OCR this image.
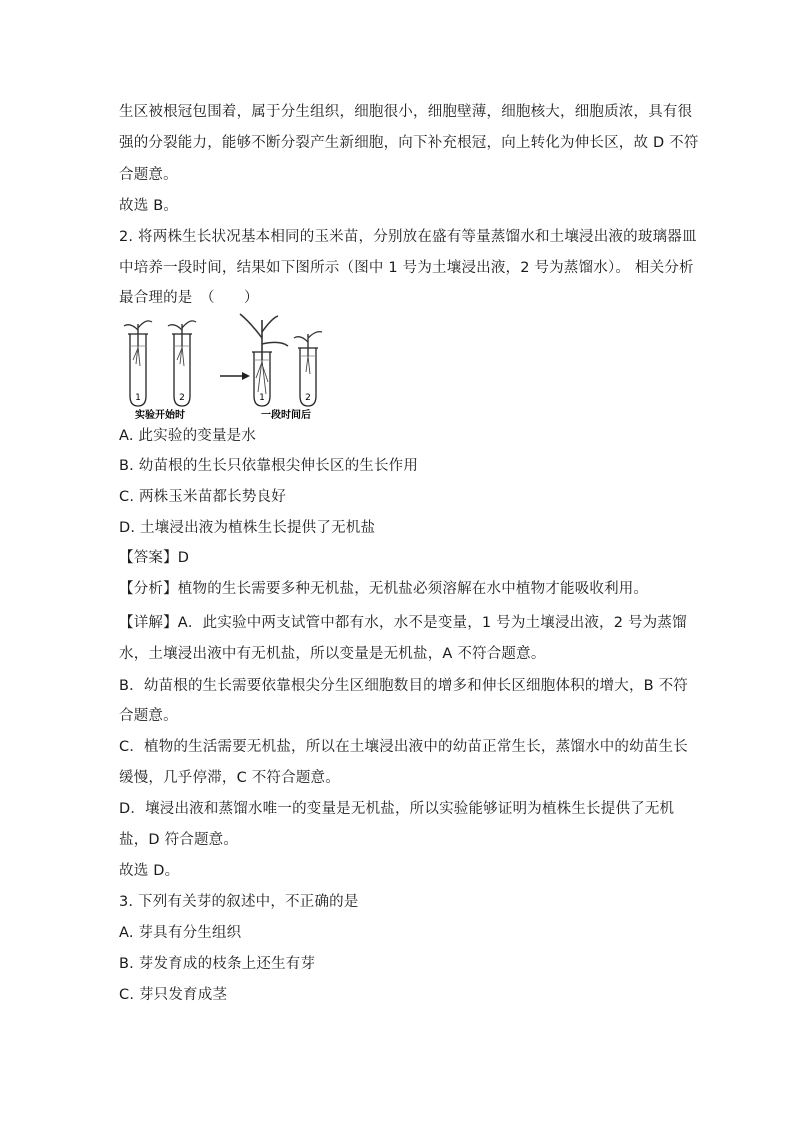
生区被根冠包围着，属于分生组织，细胞很小，细胞壁薄，细胞核大，细胞质浓，具有很
强的分裂能力，能够不断分裂产生新细胞，向下补充根冠，向上转化为伸长区，故 D 不符
合题意。
故选 B。
2. 将两株生长状况基本相同的玉米苗，分别放在盛有等量蒸馏水和土壤浸出液的玻璃器皿
中培养一段时间，结果如下图所示（图中 1 号为土壤浸出液，2 号为蒸馏水）。 相关分析
最合理的是　（　　）
1	2	1	2
实验开始时	一段时间后
A. 此实验的变量是水
B. 幼苗根的生长只依靠根尖伸长区的生长作用
C. 两株玉米苗都长势良好
D. 土壤浸出液为植株生长提供了无机盐
【答案】D
【分析】植物的生长需要多种无机盐，无机盐必须溶解在水中植物才能吸收利用。
【详解】A．此实验中两支试管中都有水，水不是变量，1 号为土壤浸出液，2 号为蒸馏
水，土壤浸出液中有无机盐，所以变量是无机盐，A 不符合题意。
B．幼苗根的生长需要依靠根尖分生区细胞数目的增多和伸长区细胞体积的增大，B 不符
合题意。
C．植物的生活需要无机盐，所以在土壤浸出液中的幼苗正常生长，蒸馏水中的幼苗生长
缓慢，几乎停滞，C 不符合题意。
D．壤浸出液和蒸馏水唯一的变量是无机盐，所以实验能够证明为植株生长提供了无机
盐，D 符合题意。
故选 D。
3. 下列有关芽的叙述中，不正确的是
A. 芽具有分生组织
B. 芽发育成的枝条上还生有芽
C. 芽只发育成茎
